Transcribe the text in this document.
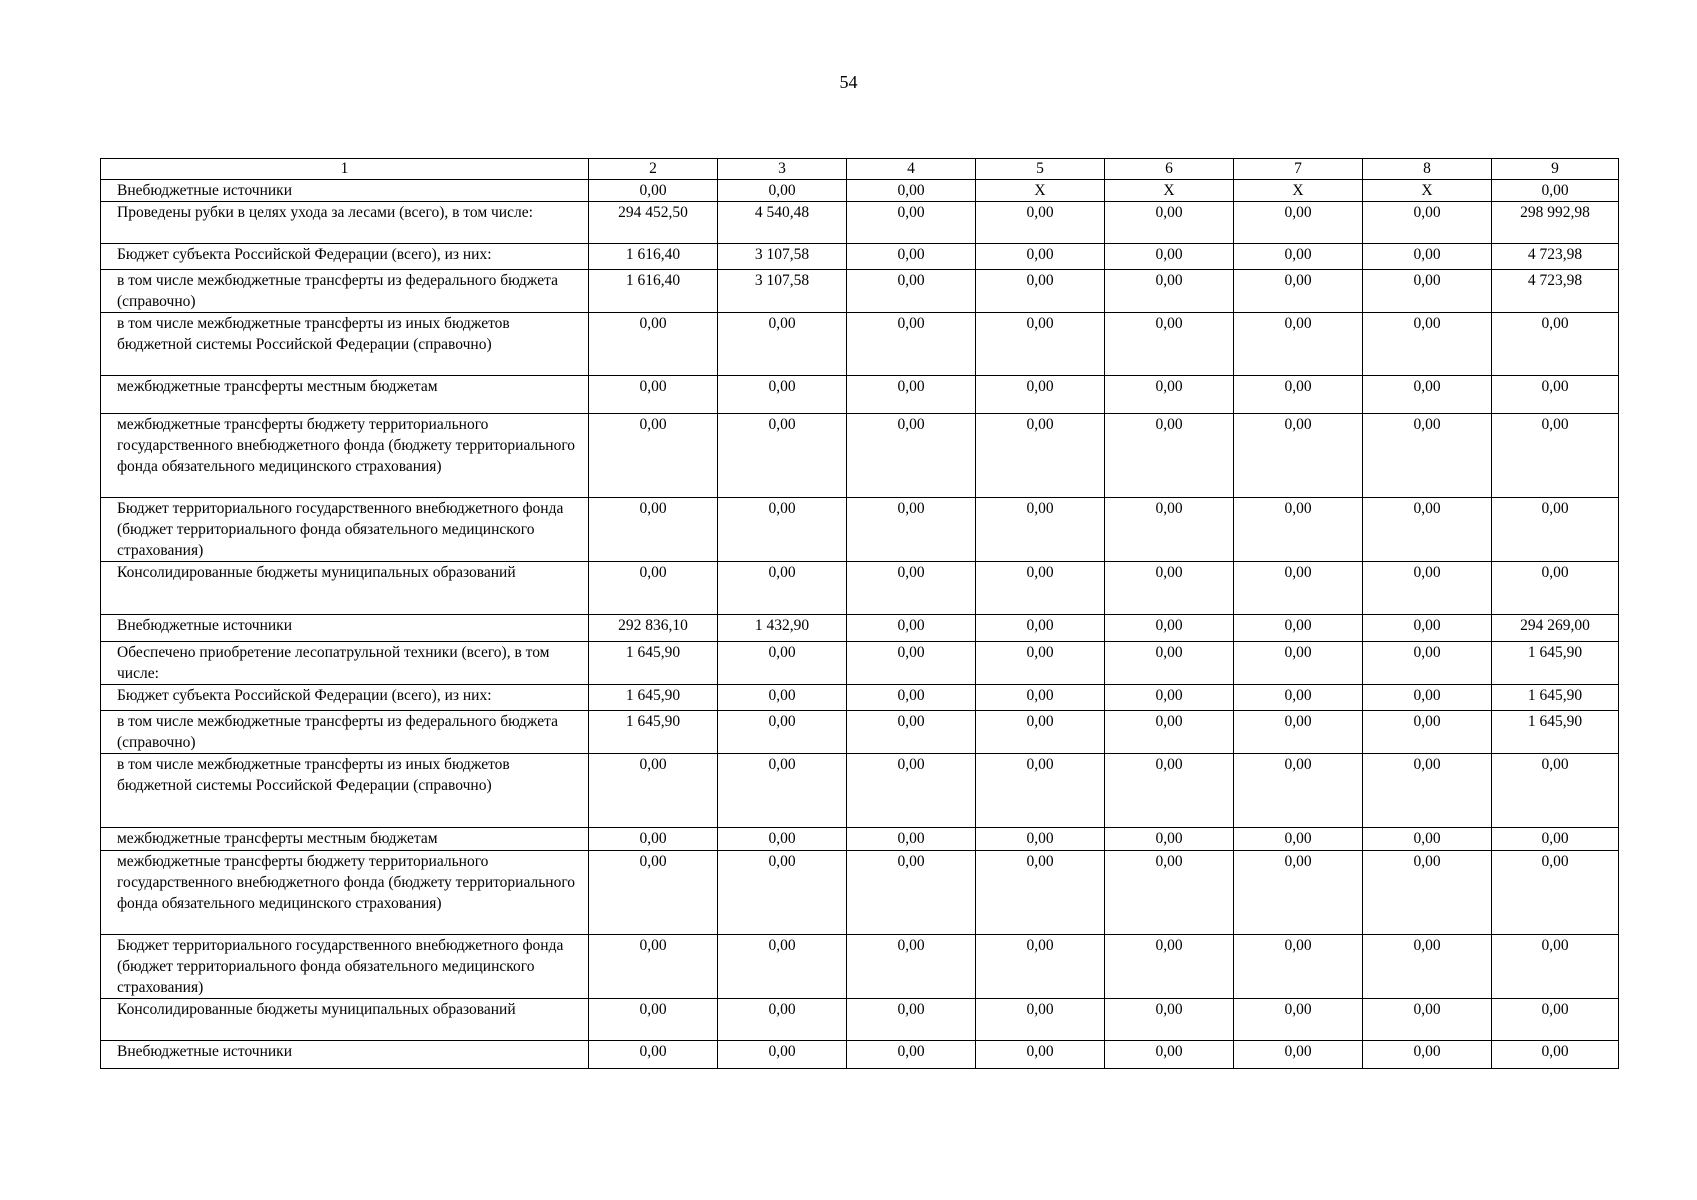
54
1	2	3	4	5	6	7	8	9
Внебюджетные источники	0,00	0,00	0,00	Х	Х	Х	Х	0,00
Проведены рубки в целях ухода за лесами (всего), в том числе:	294 452,50	4 540,48	0,00	0,00	0,00	0,00	0,00	298 992,98
Бюджет субъекта Российской Федерации (всего), из них:	1 616,40	3 107,58	0,00	0,00	0,00	0,00	0,00	4 723,98
в том числе межбюджетные трансферты из федерального бюджета (справочно)	1 616,40	3 107,58	0,00	0,00	0,00	0,00	0,00	4 723,98
в том числе межбюджетные трансферты из иных бюджетов бюджетной системы Российской Федерации (справочно)	0,00	0,00	0,00	0,00	0,00	0,00	0,00	0,00
межбюджетные трансферты местным бюджетам	0,00	0,00	0,00	0,00	0,00	0,00	0,00	0,00
межбюджетные трансферты бюджету территориального государственного внебюджетного фонда (бюджету территориального фонда обязательного медицинского страхования)	0,00	0,00	0,00	0,00	0,00	0,00	0,00	0,00
Бюджет территориального государственного внебюджетного фонда (бюджет территориального фонда обязательного медицинского страхования)	0,00	0,00	0,00	0,00	0,00	0,00	0,00	0,00
Консолидированные бюджеты муниципальных образований	0,00	0,00	0,00	0,00	0,00	0,00	0,00	0,00
Внебюджетные источники	292 836,10	1 432,90	0,00	0,00	0,00	0,00	0,00	294 269,00
Обеспечено приобретение лесопатрульной техники (всего), в том числе:	1 645,90	0,00	0,00	0,00	0,00	0,00	0,00	1 645,90
Бюджет субъекта Российской Федерации (всего), из них:	1 645,90	0,00	0,00	0,00	0,00	0,00	0,00	1 645,90
в том числе межбюджетные трансферты из федерального бюджета (справочно)	1 645,90	0,00	0,00	0,00	0,00	0,00	0,00	1 645,90
в том числе межбюджетные трансферты из иных бюджетов бюджетной системы Российской Федерации (справочно)	0,00	0,00	0,00	0,00	0,00	0,00	0,00	0,00
межбюджетные трансферты местным бюджетам	0,00	0,00	0,00	0,00	0,00	0,00	0,00	0,00
межбюджетные трансферты бюджету территориального государственного внебюджетного фонда (бюджету территориального фонда обязательного медицинского страхования)	0,00	0,00	0,00	0,00	0,00	0,00	0,00	0,00
Бюджет территориального государственного внебюджетного фонда (бюджет территориального фонда обязательного медицинского страхования)	0,00	0,00	0,00	0,00	0,00	0,00	0,00	0,00
Консолидированные бюджеты муниципальных образований	0,00	0,00	0,00	0,00	0,00	0,00	0,00	0,00
Внебюджетные источники	0,00	0,00	0,00	0,00	0,00	0,00	0,00	0,00
